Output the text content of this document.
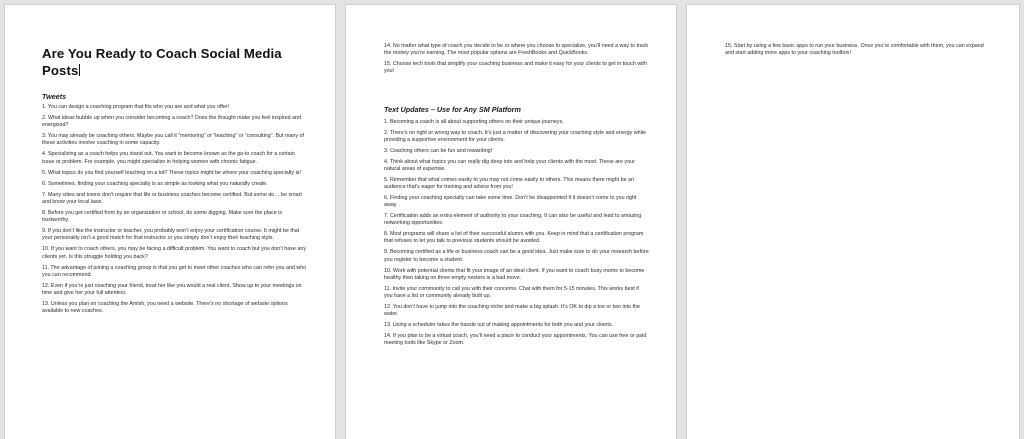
Are You Ready to Coach Social Media Posts
Tweets
1. You can design a coaching program that fits who you are and what you offer!
2. What ideas bubble up when you consider becoming a coach? Does the thought make you feel inspired and energized?
3. You may already be coaching others. Maybe you call it “mentoring” or “teaching” or “consulting”. But many of these activities involve coaching in some capacity.
4. Specializing as a coach helps you stand out. You want to become known as the go-to coach for a certain issue or problem. For example, you might specialize in helping women with chronic fatigue.
5. What topics do you find yourself teaching on a lot? These topics might be where your coaching specialty is!
6. Sometimes, finding your coaching specialty is as simple as looking what you naturally create.
7. Many cities and towns don’t require that life or business coaches become certified. But some do… be smart and know your local laws.
8. Before you get certified from by an organization or school, do some digging. Make sure the place is trustworthy.
9. If you don’t like the instructor or teacher, you probably won’t enjoy your certification course. It might be that your personality isn’t a good match for that instructor or you simply don’t enjoy their teaching style.
10. If you want to coach others, you may be facing a difficult problem. You want to coach but you don’t have any clients yet. Is this struggle holding you back?
11. The advantage of joining a coaching group is that you get to meet other coaches who can refer you and who you can recommend.
12. Even if you’re just coaching your friend, treat her like you would a real client. Show up to your meetings on time and give her your full attention.
13. Unless you plan on coaching the Amish, you need a website. There’s no shortage of website options available to new coaches.
14. No matter what type of coach you decide to be or where you choose to specialize, you’ll need a way to track the money you’re earning. The most popular options are FreshBooks and QuickBooks.
15. Choose tech tools that simplify your coaching business and make it easy for your clients to get in touch with you!
Text Updates – Use for Any SM Platform
1. Becoming a coach is all about supporting others on their unique journeys.
2. There’s no right or wrong way to coach. It’s just a matter of discovering your coaching style and energy while providing a supportive environment for your clients.
3. Coaching others can be fun and rewarding!
4. Think about what topics you can really dig deep into and help your clients with the most. These are your natural areas of expertise.
5. Remember that what comes easily to you may not come easily to others. This means there might be an audience that’s eager for training and advice from you!
6. Finding your coaching specialty can take some time. Don’t be disappointed if it doesn’t come to you right away.
7. Certification adds an extra element of authority to your coaching. It can also be useful and lead to amazing networking opportunities.
8. Most programs will share a list of their successful alumni with you. Keep in mind that a certification program that refuses to let you talk to previous students should be avoided.
9. Becoming certified as a life or business coach can be a good idea. Just make sure to do your research before you register to become a student.
10. Work with potential clients that fit your image of an ideal client. If you want to coach busy moms to become healthy then taking on three empty nesters is a bad move.
11. Invite your community to call you with their concerns. Chat with them for 5-15 minutes. This works best if you have a list or community already built up.
12. You don’t have to jump into the coaching niche and make a big splash. It’s OK to dip a toe or two into the water.
13. Using a scheduler takes the hassle out of making appointments for both you and your clients.
14. If you plan to be a virtual coach, you’ll need a place to conduct your appointments. You can use free or paid meeting tools like Skype or Zoom.
15. Start by using a few basic apps to run your business. Once you’re comfortable with them, you can expand and start adding more apps to your coaching toolbox!
